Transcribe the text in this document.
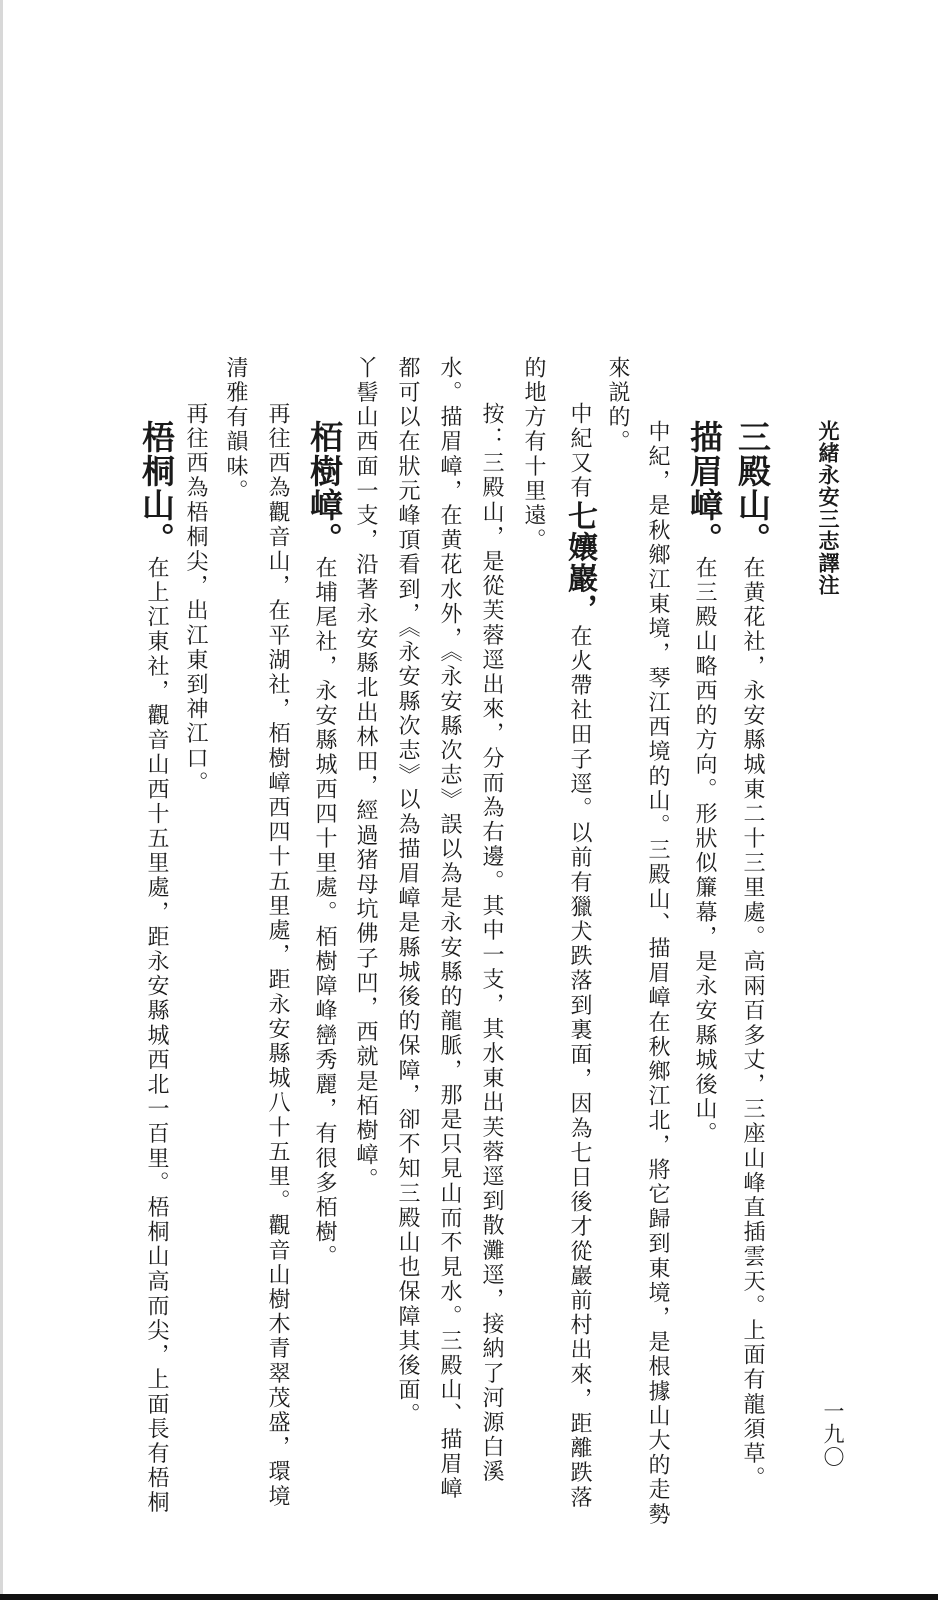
光緒永安三志譯注
一九〇
三殿山。在黄花社，永安縣城東二十三里處。高兩百多丈，三座山峰直插雲天。上面有龍須草。
描眉嶂。在三殿山略西的方向。形狀似簾幕，是永安縣城後山。
中紀，是秋鄉江東境，琴江西境的山。三殿山、描眉嶂在秋鄉江北，將它歸到東境，是根據山大的走勢
來説的。
中紀又有七孃巖，在火帶社田子逕。以前有獵犬跌落到裏面，因為七日後才從巖前村出來，距離跌落
的地方有十里遠。
按：三殿山，是從芙蓉逕出來，分而為右邊。其中一支，其水東出芙蓉逕到散灘逕，接納了河源白溪
水。描眉嶂，在黄花水外，《永安縣次志》誤以為是永安縣的龍脈，那是只見山而不見水。三殿山、描眉嶂
都可以在狀元峰頂看到，《永安縣次志》以為描眉嶂是縣城後的保障，卻不知三殿山也保障其後面。
丫髻山西面一支，沿著永安縣北出林田，經過猪母坑佛子凹，西就是栢樹嶂。
栢樹嶂。在埔尾社，永安縣城西四十里處。栢樹障峰巒秀麗，有很多栢樹。
再往西為觀音山，在平湖社，栢樹嶂西四十五里處，距永安縣城八十五里。觀音山樹木青翠茂盛，環境
清雅有韻味。
再往西為梧桐尖，出江東到神江口。
梧桐山。在上江東社，觀音山西十五里處，距永安縣城西北一百里。梧桐山高而尖，上面長有梧桐
